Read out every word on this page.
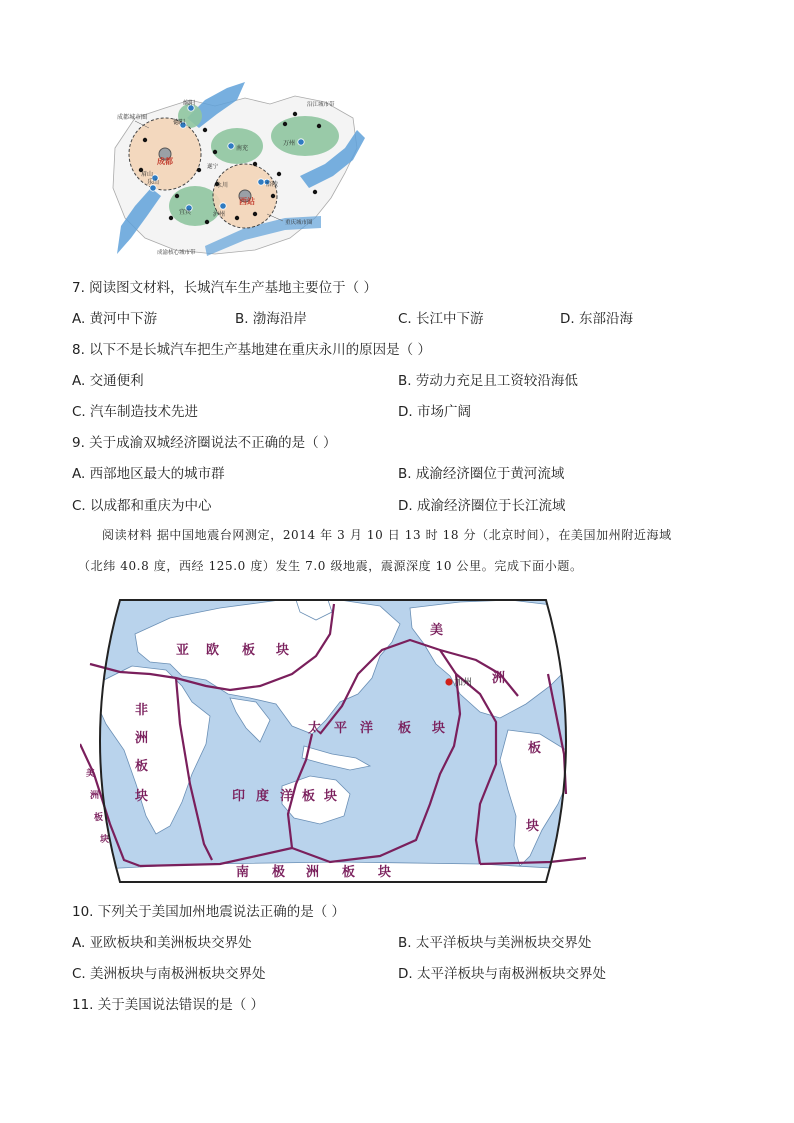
成都城市圈
成都
德阳
绵阳
南充
遂宁
眉山
乐山	永川
西站
涪陵
万州
宜宾	泸州
沿江城市带
重庆城市圈
成渝核心城市带
7. 阅读图文材料，长城汽车生产基地主要位于（ ）
A. 黄河中下游	B. 渤海沿岸	C. 长江中下游	D. 东部沿海
8. 以下不是长城汽车把生产基地建在重庆永川的原因是（ ）
A. 交通便利	B. 劳动力充足且工资较沿海低
C. 汽车制造技术先进	D. 市场广阔
9. 关于成渝双城经济圈说法不正确的是（ ）
A. 西部地区最大的城市群	B. 成渝经济圈位于黄河流域
C. 以成都和重庆为中心	D. 成渝经济圈位于长江流域
阅读材料 据中国地震台网测定，2014 年 3 月 10 日 13 时 18 分（北京时间），在美国加州附近海域
（北纬 40.8 度，西经 125.0 度）发生 7.0 级地震，震源深度 10 公里。完成下面小题。
加州
亚 欧 板 块
非
洲
板
块
太 平 洋 板 块
印 度 洋 板 块
南 极 洲 板 块
美
洲
板
块
美
洲
板
块
10. 下列关于美国加州地震说法正确的是（ ）
A. 亚欧板块和美洲板块交界处	B. 太平洋板块与美洲板块交界处
C. 美洲板块与南极洲板块交界处	D. 太平洋板块与南极洲板块交界处
11. 关于美国说法错误的是（ ）
